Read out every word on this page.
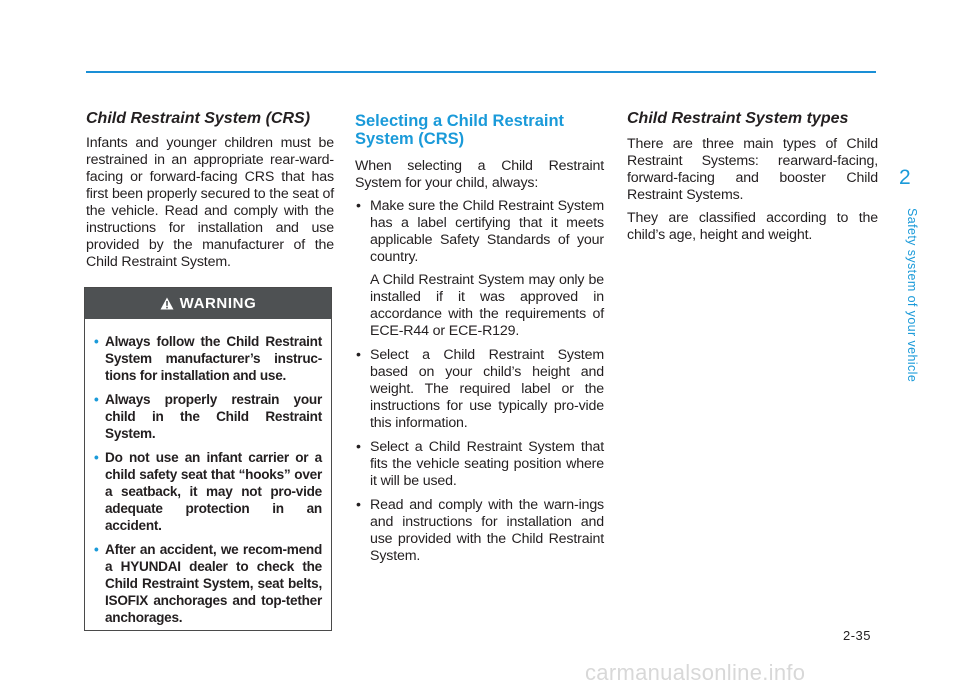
Child Restraint System (CRS)

Infants and younger children must be restrained in an appropriate rear-ward-facing or forward-facing CRS that has first been properly secured to the seat of the vehicle. Read and comply with the instructions for installation and use provided by the manufacturer of the Child Restraint System.

WARNING
• Always follow the Child Restraint System manufacturer’s instruc-tions for installation and use.
• Always properly restrain your child in the Child Restraint System.
• Do not use an infant carrier or a child safety seat that “hooks” over a seatback, it may not pro-vide adequate protection in an accident.
• After an accident, we recom-mend a HYUNDAI dealer to check the Child Restraint System, seat belts, ISOFIX anchorages and top-tether anchorages.
Selecting a Child Restraint System (CRS)

When selecting a Child Restraint System for your child, always:

• Make sure the Child Restraint System has a label certifying that it meets applicable Safety Standards of your country.
A Child Restraint System may only be installed if it was approved in accordance with the requirements of ECE-R44 or ECE-R129.
• Select a Child Restraint System based on your child’s height and weight. The required label or the instructions for use typically pro-vide this information.
• Select a Child Restraint System that fits the vehicle seating position where it will be used.
• Read and comply with the warn-ings and instructions for installation and use provided with the Child Restraint System.
Child Restraint System types

There are three main types of Child Restraint Systems: rearward-facing, forward-facing and booster Child Restraint Systems.

They are classified according to the child’s age, height and weight.

2
Safety system of your vehicle
2-35
carmanualsonline.info
